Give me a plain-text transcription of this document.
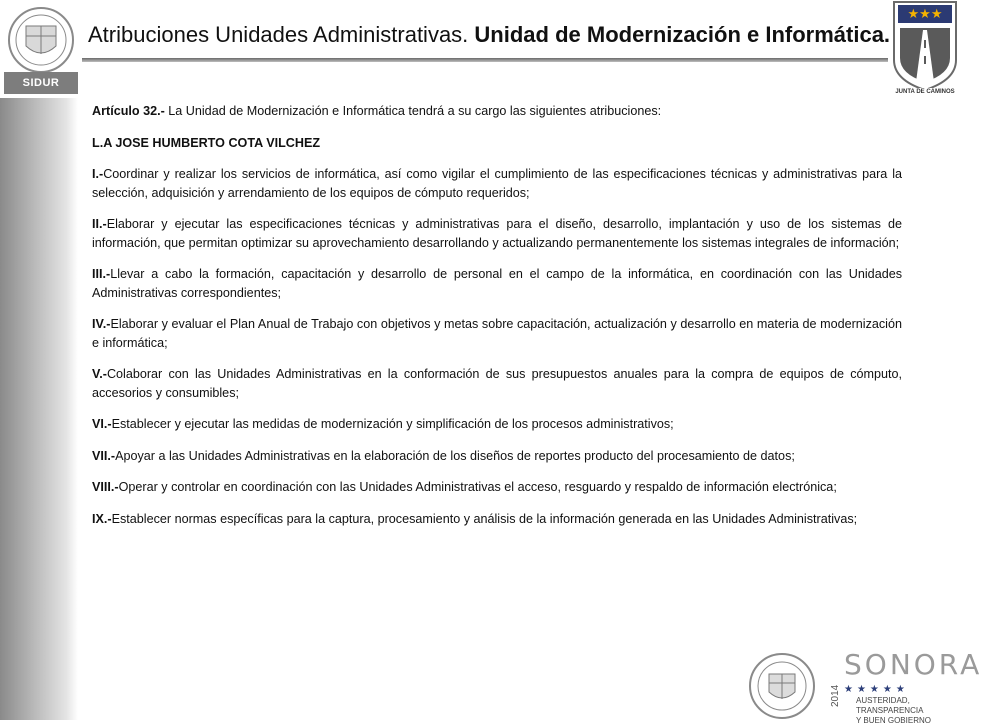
SIDUR
Atribuciones Unidades Administrativas. Unidad de Modernización e Informática.
★★★
JUNTA DE CAMINOS

Artículo 32.- La Unidad de Modernización e Informática tendrá a su cargo las siguientes atribuciones:

L.A JOSE HUMBERTO COTA VILCHEZ

I.-Coordinar y realizar los servicios de informática, así como vigilar el cumplimiento de las especificaciones técnicas y administrativas para la selección, adquisición y arrendamiento de los equipos de cómputo requeridos;

II.-Elaborar y ejecutar las especificaciones técnicas y administrativas para el diseño, desarrollo, implantación y uso de los sistemas de información, que permitan optimizar su aprovechamiento desarrollando y actualizando permanentemente los sistemas integrales de información;

III.-Llevar a cabo la formación, capacitación y desarrollo de personal en el campo de la informática, en coordinación con las Unidades Administrativas correspondientes;

IV.-Elaborar y evaluar el Plan Anual de Trabajo con objetivos y metas sobre capacitación, actualización y desarrollo en materia de modernización e informática;

V.-Colaborar con las Unidades Administrativas en la conformación de sus presupuestos anuales para la compra de equipos de cómputo, accesorios y consumibles;

VI.-Establecer y ejecutar las medidas de modernización y simplificación de los procesos administrativos;

VII.-Apoyar a las Unidades Administrativas en la elaboración de los diseños de reportes producto del procesamiento de datos;

VIII.-Operar y controlar en coordinación con las Unidades Administrativas el acceso, resguardo y respaldo de información electrónica;

IX.-Establecer normas específicas para la captura, procesamiento y análisis de la información generada en las Unidades Administrativas;

2014
SONORA
★★★★★
AUSTERIDAD, TRANSPARENCIA
Y BUEN GOBIERNO
